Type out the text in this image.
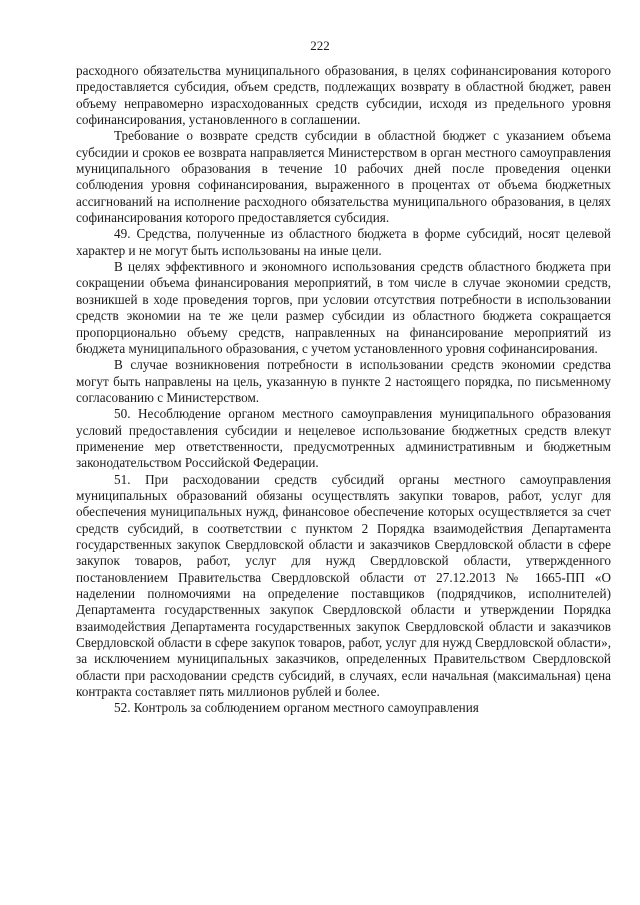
222

расходного обязательства муниципального образования, в целях софинансирования которого предоставляется субсидия, объем средств, подлежащих возврату в областной бюджет, равен объему неправомерно израсходованных средств субсидии, исходя из предельного уровня софинансирования, установленного в соглашении.

Требование о возврате средств субсидии в областной бюджет с указанием объема субсидии и сроков ее возврата направляется Министерством в орган местного самоуправления муниципального образования в течение 10 рабочих дней после проведения оценки соблюдения уровня софинансирования, выраженного в процентах от объема бюджетных ассигнований на исполнение расходного обязательства муниципального образования, в целях софинансирования которого предоставляется субсидия.

49. Средства, полученные из областного бюджета в форме субсидий, носят целевой характер и не могут быть использованы на иные цели.

В целях эффективного и экономного использования средств областного бюджета при сокращении объема финансирования мероприятий, в том числе в случае экономии средств, возникшей в ходе проведения торгов, при условии отсутствия потребности в использовании средств экономии на те же цели размер субсидии из областного бюджета сокращается пропорционально объему средств, направленных на финансирование мероприятий из бюджета муниципального образования, с учетом установленного уровня софинансирования.

В случае возникновения потребности в использовании средств экономии средства могут быть направлены на цель, указанную в пункте 2 настоящего порядка, по письменному согласованию с Министерством.

50. Несоблюдение органом местного самоуправления муниципального образования условий предоставления субсидии и нецелевое использование бюджетных средств влекут применение мер ответственности, предусмотренных административным и бюджетным законодательством Российской Федерации.

51. При расходовании средств субсидий органы местного самоуправления муниципальных образований обязаны осуществлять закупки товаров, работ, услуг для обеспечения муниципальных нужд, финансовое обеспечение которых осуществляется за счет средств субсидий, в соответствии с пунктом 2 Порядка взаимодействия Департамента государственных закупок Свердловской области и заказчиков Свердловской области в сфере закупок товаров, работ, услуг для нужд Свердловской области, утвержденного постановлением Правительства Свердловской области от 27.12.2013 № 1665-ПП «О наделении полномочиями на определение поставщиков (подрядчиков, исполнителей) Департамента государственных закупок Свердловской области и утверждении Порядка взаимодействия Департамента государственных закупок Свердловской области и заказчиков Свердловской области в сфере закупок товаров, работ, услуг для нужд Свердловской области», за исключением муниципальных заказчиков, определенных Правительством Свердловской области при расходовании средств субсидий, в случаях, если начальная (максимальная) цена контракта составляет пять миллионов рублей и более.

52. Контроль за соблюдением органом местного самоуправления
